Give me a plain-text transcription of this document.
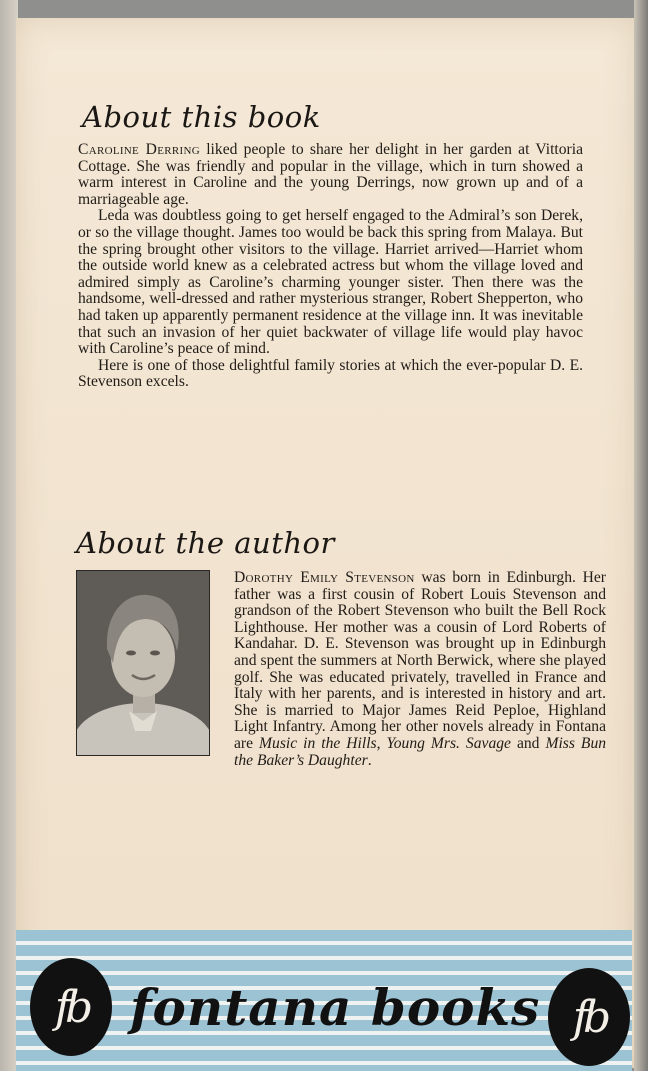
About this book

Caroline Derring liked people to share her delight in her garden at Vittoria Cottage. She was friendly and popular in the village, which in turn showed a warm interest in Caroline and the young Derrings, now grown up and of a marriageable age.

Leda was doubtless going to get herself engaged to the Admiral’s son Derek, or so the village thought. James too would be back this spring from Malaya. But the spring brought other visitors to the village. Harriet arrived—Harriet whom the outside world knew as a celebrated actress but whom the village loved and admired simply as Caroline’s charming younger sister. Then there was the handsome, well-dressed and rather mysterious stranger, Robert Shepperton, who had taken up apparently permanent residence at the village inn. It was inevitable that such an invasion of her quiet backwater of village life would play havoc with Caroline’s peace of mind.

Here is one of those delightful family stories at which the ever-popular D. E. Stevenson excels.

About the author

Dorothy Emily Stevenson was born in Edinburgh. Her father was a first cousin of Robert Louis Stevenson and grandson of the Robert Stevenson who built the Bell Rock Lighthouse. Her mother was a cousin of Lord Roberts of Kandahar. D. E. Stevenson was brought up in Edinburgh and spent the summers at North Berwick, where she played golf. She was educated privately, travelled in France and Italy with her parents, and is interested in history and art. She is married to Major James Reid Peploe, Highland Light Infantry. Among her other novels already in Fontana are Music in the Hills, Young Mrs. Savage and Miss Bun the Baker’s Daughter.

fb fontana books fb
